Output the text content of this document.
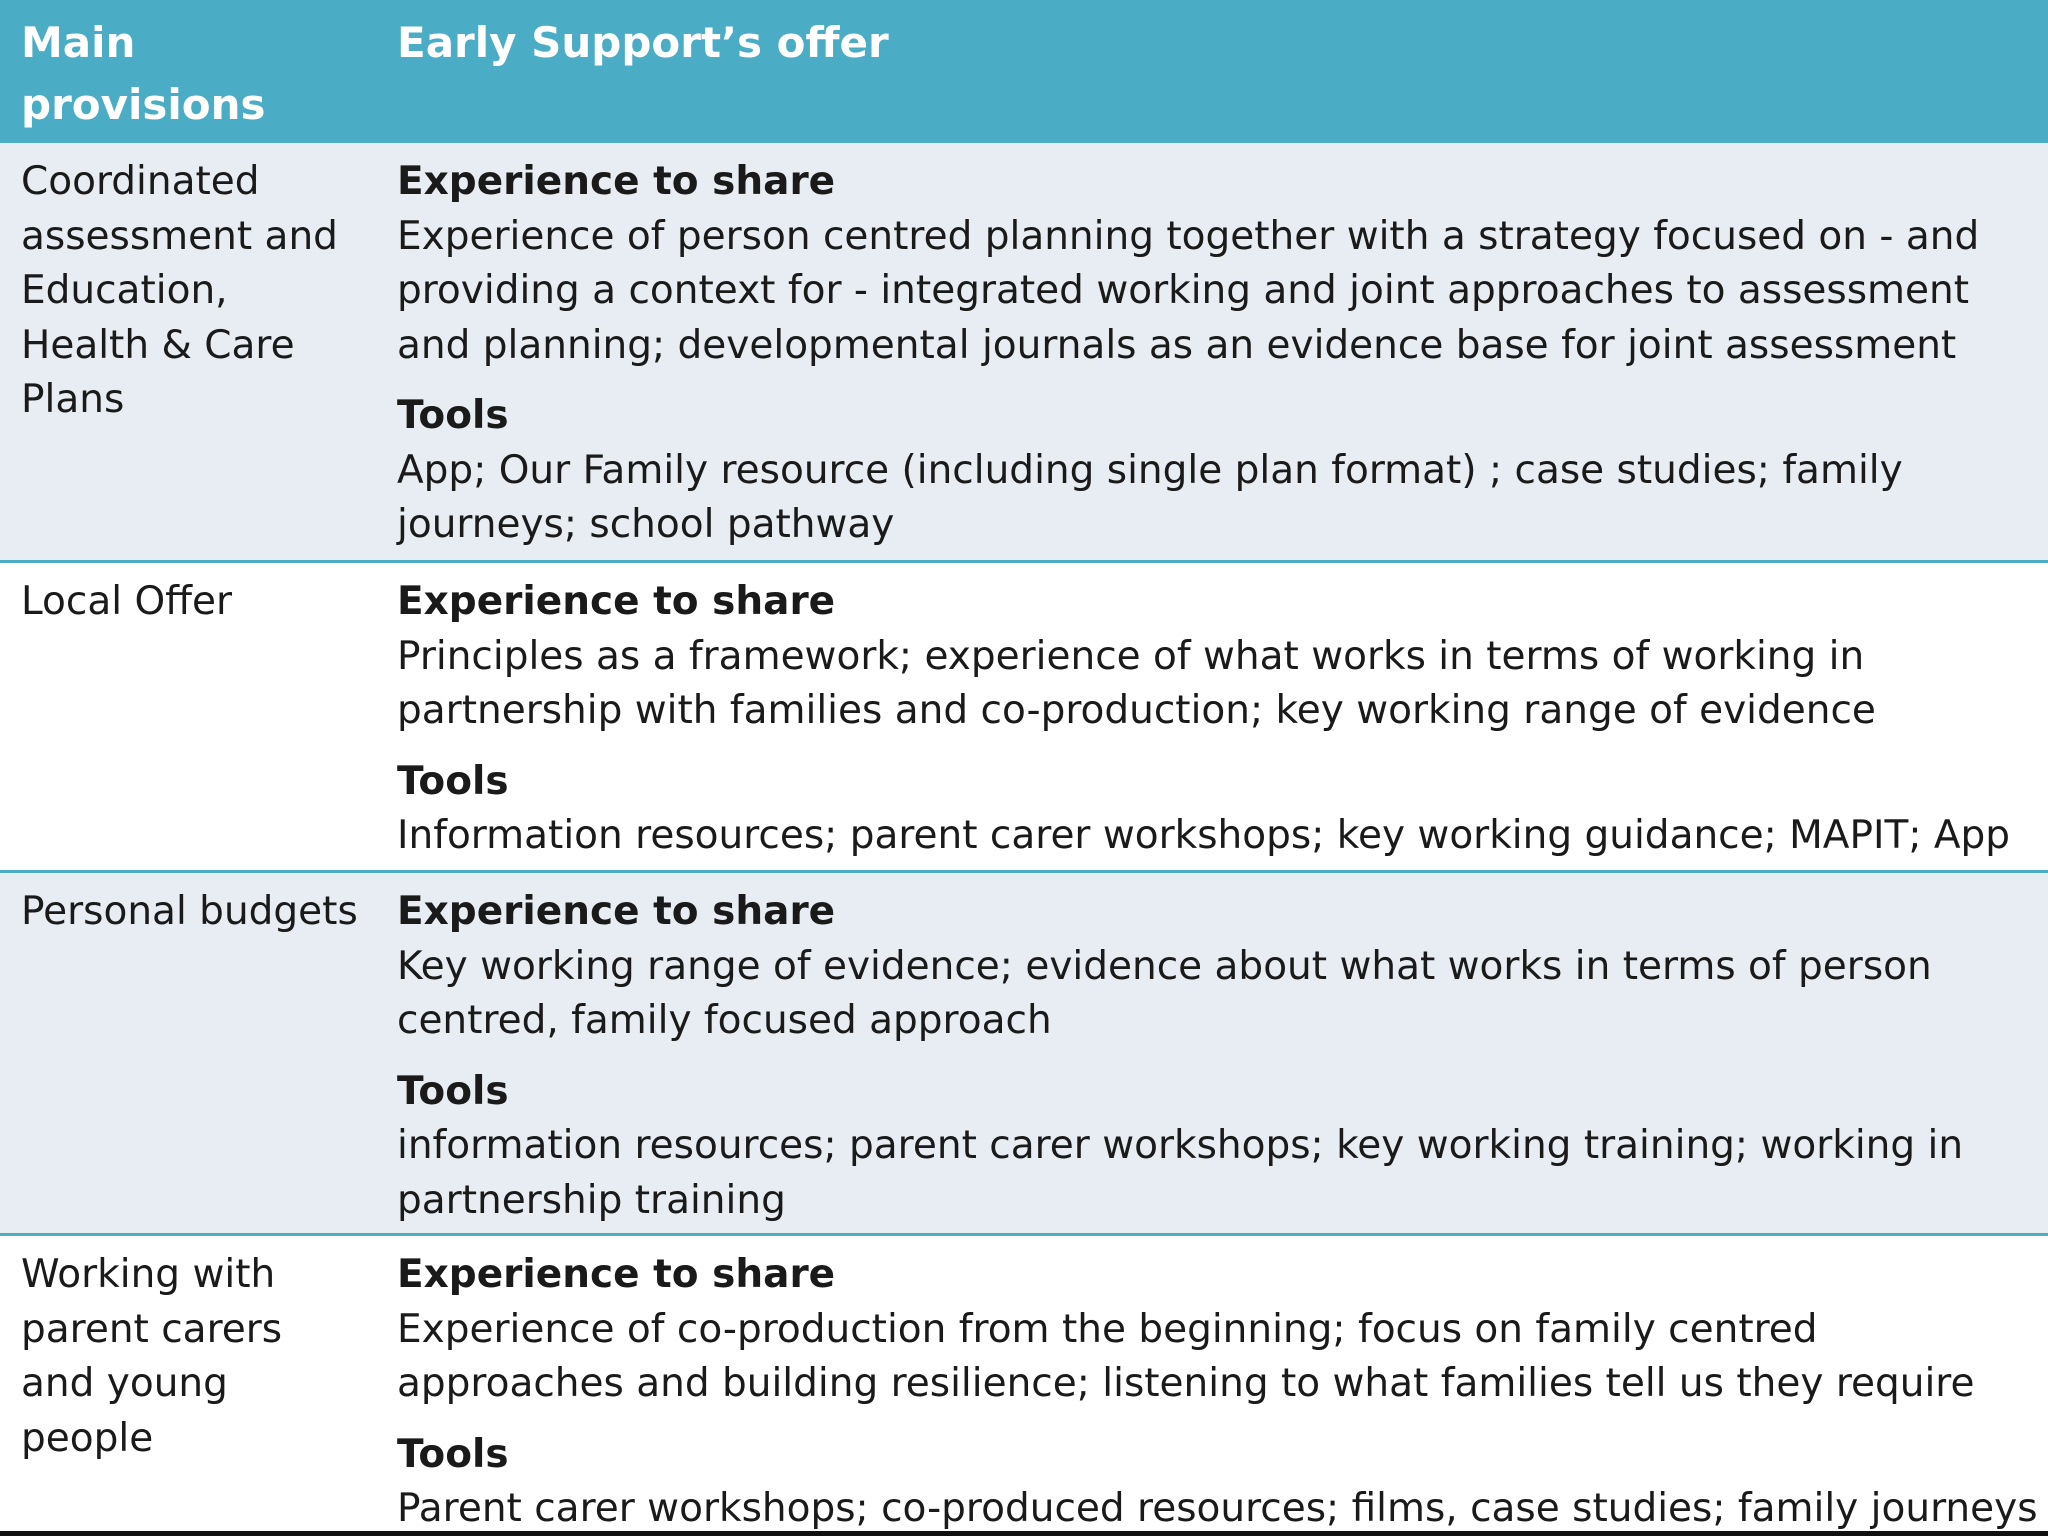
Main provisions
Early Support’s offer
Coordinated assessment and Education, Health & Care Plans
Experience to share
Experience of person centred planning together with a strategy focused on - and providing a context for - integrated working and joint approaches to assessment and planning; developmental journals as an evidence base for joint assessment
Tools
App; Our Family resource (including single plan format) ; case studies; family journeys; school pathway
Local Offer	Experience to share
Principles as a framework; experience of what works in terms of working in partnership with families and co-production; key working range of evidence
Tools
Information resources; parent carer workshops; key working guidance; MAPIT; App
Personal budgets Experience to share
Key working range of evidence; evidence about what works in terms of person centred, family focused approach
Tools
information resources; parent carer workshops; key working training; working in partnership training
Working with parent carers and young people
Experience to share
Experience of co-production from the beginning; focus on family centred approaches and building resilience; listening to what families tell us they require
Tools
Parent carer workshops; co-produced resources; films, case studies; family journeys
